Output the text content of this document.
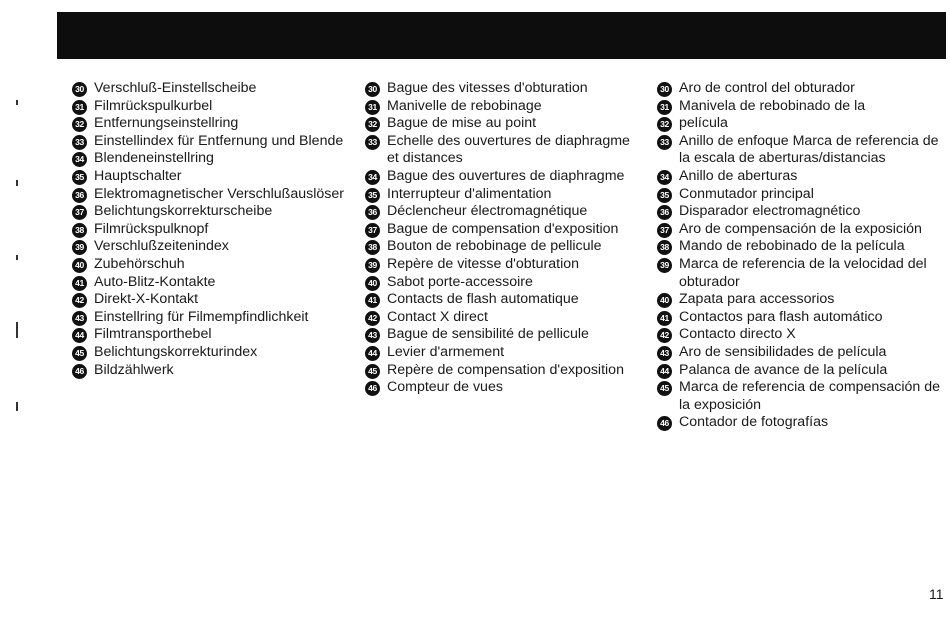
30 Verschluß-Einstellscheibe
31 Filmrückspulkurbel
32 Entfernungseinstellring
33 Einstellindex für Entfernung und Blende
34 Blendeneinstellring
35 Hauptschalter
36 Elektromagnetischer Verschlußauslöser
37 Belichtungskorrekturscheibe
38 Filmrückspulknopf
39 Verschlußzeitenindex
40 Zubehörschuh
41 Auto-Blitz-Kontakte
42 Direkt-X-Kontakt
43 Einstellring für Filmempfindlichkeit
44 Filmtransporthebel
45 Belichtungskorrekturindex
46 Bildzählwerk
30 Bague des vitesses d'obturation
31 Manivelle de rebobinage
32 Bague de mise au point
33 Echelle des ouvertures de diaphragme et distances
34 Bague des ouvertures de diaphragme
35 Interrupteur d'alimentation
36 Déclencheur électromagnétique
37 Bague de compensation d'exposition
38 Bouton de rebobinage de pellicule
39 Repère de vitesse d'obturation
40 Sabot porte-accessoire
41 Contacts de flash automatique
42 Contact X direct
43 Bague de sensibilité de pellicule
44 Levier d'armement
45 Repère de compensation d'exposition
46 Compteur de vues
30 Aro de control del obturador
31 Manivela de rebobinado de la
32 película
33 Anillo de enfoque Marca de referencia de la escala de aberturas/distancias
34 Anillo de aberturas
35 Conmutador principal
36 Disparador electromagnético
37 Aro de compensación de la exposición
38 Mando de rebobinado de la película
39 Marca de referencia de la velocidad del obturador
40 Zapata para accessorios
41 Contactos para flash automático
42 Contacto directo X
43 Aro de sensibilidades de película
44 Palanca de avance de la película
45 Marca de referencia de compensación de la exposición
46 Contador de fotografías
11
